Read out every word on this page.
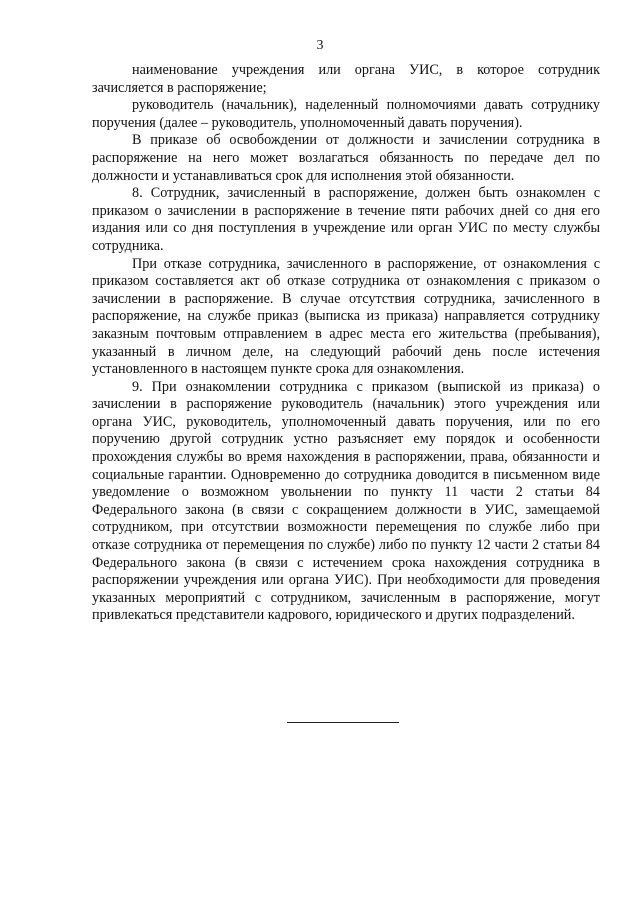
3

наименование учреждения или органа УИС, в которое сотрудник зачисляется в распоряжение;

руководитель (начальник), наделенный полномочиями давать сотруднику поручения (далее – руководитель, уполномоченный давать поручения).

В приказе об освобождении от должности и зачислении сотрудника в распоряжение на него может возлагаться обязанность по передаче дел по должности и устанавливаться срок для исполнения этой обязанности.

8. Сотрудник, зачисленный в распоряжение, должен быть ознакомлен с приказом о зачислении в распоряжение в течение пяти рабочих дней со дня его издания или со дня поступления в учреждение или орган УИС по месту службы сотрудника.

При отказе сотрудника, зачисленного в распоряжение, от ознакомления с приказом составляется акт об отказе сотрудника от ознакомления с приказом о зачислении в распоряжение. В случае отсутствия сотрудника, зачисленного в распоряжение, на службе приказ (выписка из приказа) направляется сотруднику заказным почтовым отправлением в адрес места его жительства (пребывания), указанный в личном деле, на следующий рабочий день после истечения установленного в настоящем пункте срока для ознакомления.

9. При ознакомлении сотрудника с приказом (выпиской из приказа) о зачислении в распоряжение руководитель (начальник) этого учреждения или органа УИС, руководитель, уполномоченный давать поручения, или по его поручению другой сотрудник устно разъясняет ему порядок и особенности прохождения службы во время нахождения в распоряжении, права, обязанности и социальные гарантии. Одновременно до сотрудника доводится в письменном виде уведомление о возможном увольнении по пункту 11 части 2 статьи 84 Федерального закона (в связи с сокращением должности в УИС, замещаемой сотрудником, при отсутствии возможности перемещения по службе либо при отказе сотрудника от перемещения по службе) либо по пункту 12 части 2 статьи 84 Федерального закона (в связи с истечением срока нахождения сотрудника в распоряжении учреждения или органа УИС). При необходимости для проведения указанных мероприятий с сотрудником, зачисленным в распоряжение, могут привлекаться представители кадрового, юридического и других подразделений.
